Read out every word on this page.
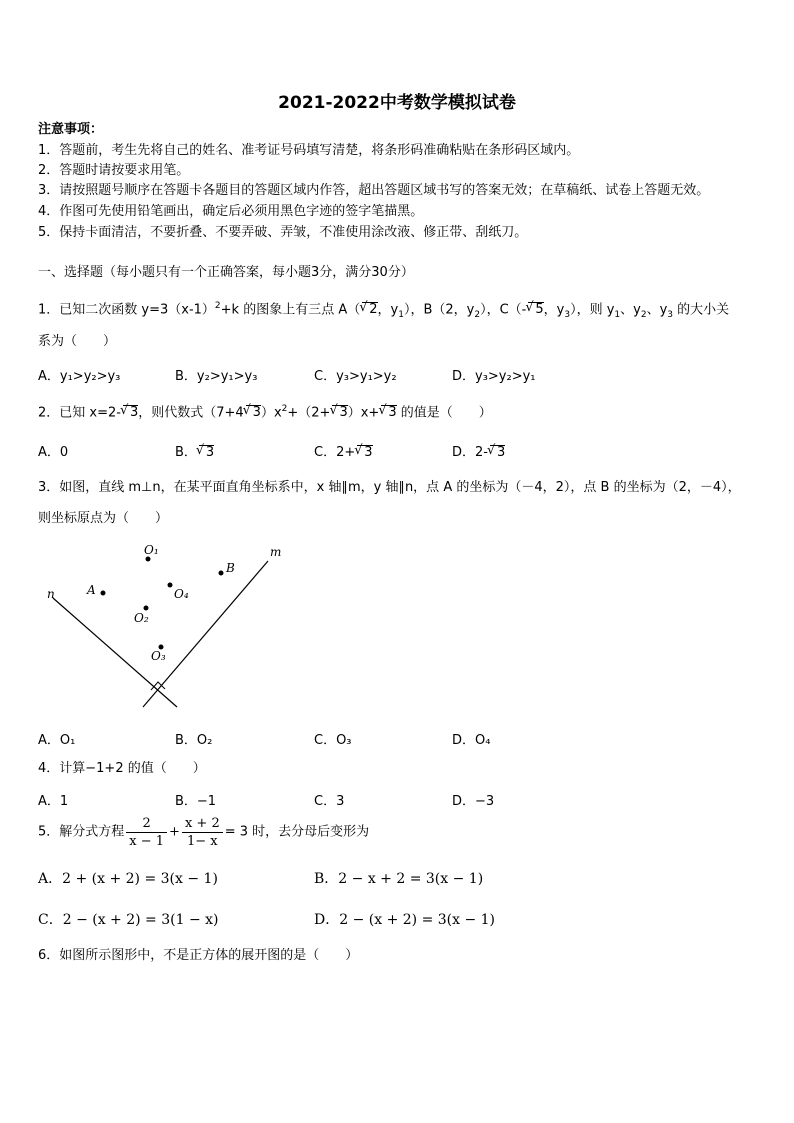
2021-2022中考数学模拟试卷
注意事项：
1．答题前，考生先将自己的姓名、准考证号码填写清楚，将条形码准确粘贴在条形码区域内。
2．答题时请按要求用笔。
3．请按照题号顺序在答题卡各题目的答题区域内作答，超出答题区域书写的答案无效；在草稿纸、试卷上答题无效。
4．作图可先使用铅笔画出，确定后必须用黑色字迹的签字笔描黑。
5．保持卡面清洁，不要折叠、不要弄破、弄皱，不准使用涂改液、修正带、刮纸刀。
一、选择题（每小题只有一个正确答案，每小题3分，满分30分）
1．已知二次函数 $y=3(x-1)^2+k$ 的图象上有三点 A（√ 2，$y_1$），B（2，$y_2$），C（-√ 5，$y_3$），则 $y_1$、$y_2$、$y_3$ 的大小关
系为（　　）
A．y₁>y₂>y₃	B．y₂>y₁>y₃	C．y₃>y₁>y₂	D．y₃>y₂>y₁
2．已知 x=2-√ 3，则代数式（7+4√ $3)x^2+(2+√$ 3）x+√ 3 的值是（　　）
A．0	B．√ 3	C．2+√ 3	D．2-√ 3
3．如图，直线 m⊥n，在某平面直角坐标系中，x 轴∥m，y 轴∥n，点 A 的坐标为（－4，2），点 B 的坐标为（2，－4），
则坐标原点为（　　）
O₁
O₄
B
A
O₂
O₃
m
n
A．O₁	B．O₂	C．O₃	D．O₄
4．计算−1+2 的值（　　）
A．1	B．−1	C．3	D．−3
5．解分式方程 $\frac{2}{x - 1} + \frac{x + 2}{1- x} = 3$ 时，去分母后变形为
A．2 + (x + 2) = 3(x − 1)	B．2 − x + 2 = 3(x − 1)
C．2 − (x + 2) = 3(1 − x)	D．2 − (x + 2) = 3(x − 1)
6．如图所示图形中，不是正方体的展开图的是（　　）
